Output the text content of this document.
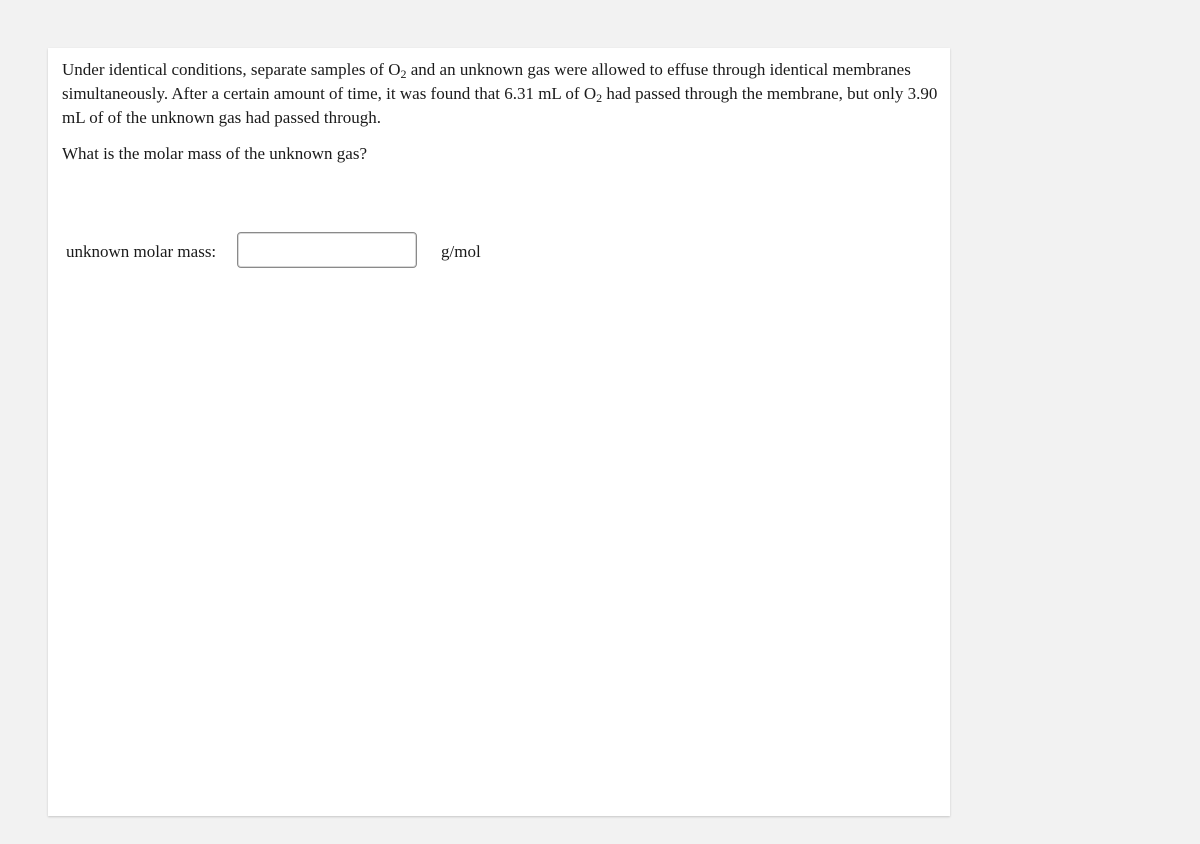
Under identical conditions, separate samples of $O_2$ and an unknown gas were allowed to effuse through identical membranes simultaneously. After a certain amount of time, it was found that 6.31 mL of $O_2$ had passed through the membrane, but only 3.90 mL of of the unknown gas had passed through.

What is the molar mass of the unknown gas?

unknown molar mass:	g/mol
